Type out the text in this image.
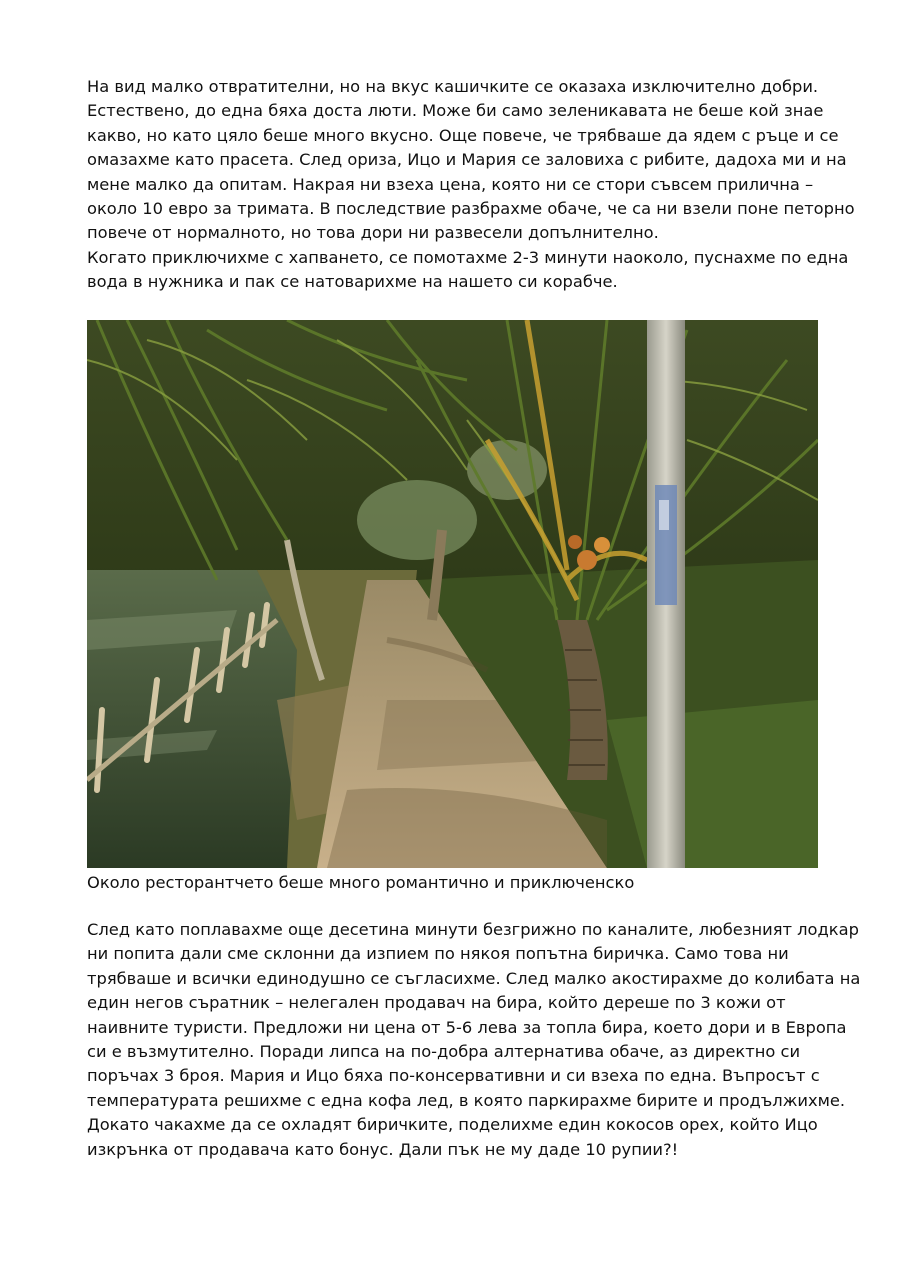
На вид малко отвратителни, но на вкус кашичките се оказаха изключително добри.
Естествено, до една бяха доста люти. Може би само зеленикавата не беше кой знае
какво, но като цяло беше много вкусно. Още повече, че трябваше да ядем с ръце и се
омазахме като прасета. След ориза, Ицо и Мария се заловиха с рибите, дадоха ми и на
мене малко да опитам. Накрая ни взеха цена, която ни се стори съвсем прилична –
около 10 евро за тримата. В последствие разбрахме обаче, че са ни взели поне петорно
повече от нормалното, но това дори ни развесели допълнително.
Когато приключихме с хапването, се помотахме 2-3 минути наоколо, пуснахме по една
вода в нужника и пак се натоварихме на нашето си корабче.
Около ресторантчето беше много романтично и приключенско
След като поплавахме още десетина минути безгрижно по каналите, любезният лодкар
ни попита дали сме склонни да изпием по някоя попътна биричка. Само това ни
трябваше и всички единодушно се съгласихме. След малко акостирахме до колибата на
един негов съратник – нелегален продавач на бира, който дереше по 3 кожи от
наивните туристи. Предложи ни цена от 5-6 лева за топла бира, което дори и в Европа
си е възмутително. Поради липса на по-добра алтернатива обаче, аз директно си
поръчах 3 броя. Мария и Ицо бяха по-консервативни и си взеха по една. Въпросът с
температурата решихме с една кофа лед, в която паркирахме бирите и продължихме.
Докато чакахме да се охладят биричките, поделихме един кокосов орех, който Ицо
изкрънка от продавача като бонус. Дали пък не му даде 10 рупии?!
